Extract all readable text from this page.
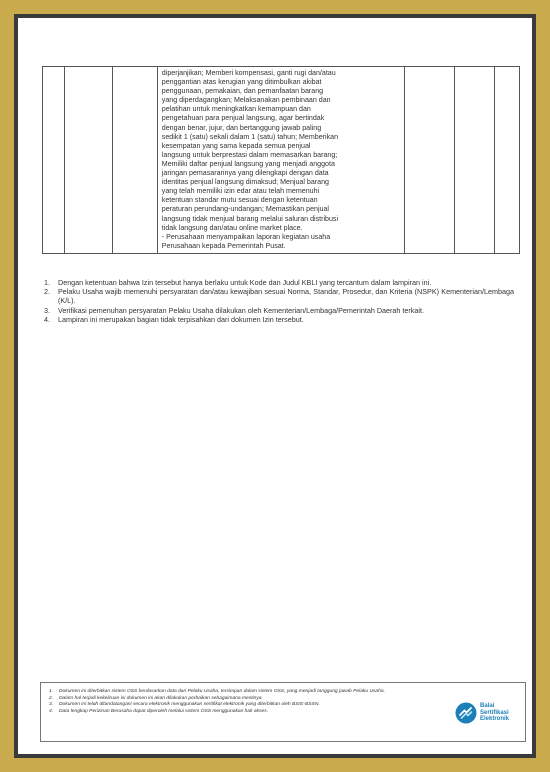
diperjanjikan; Memberi kompensasi, ganti rugi dan/atau

penggantian atas kerugian yang ditimbulkan akibat

penggunaan, pemakaian, dan pemanfaatan barang

yang diperdagangkan; Melaksanakan pembinaan dan

pelatihan untuk meningkatkan kemampuan dan

pengetahuan para penjual langsung, agar bertindak

dengan benar, jujur, dan bertanggung jawab paling

sedikit 1 (satu) sekali dalam 1 (satu) tahun; Memberikan

kesempatan yang sama kepada semua penjual

langsung untuk berprestasi dalam memasarkan barang;

Memiliki daftar penjual langsung yang menjadi anggota

jaringan pemasarannya yang dilengkapi dengan data

identitas penjual langsung dimaksud; Menjual barang

yang telah memiliki izin edar atau telah memenuhi

ketentuan standar mutu sesuai dengan ketentuan

peraturan perundang-undangan; Memastikan penjual

langsung tidak menjual barang melalui saluran distribusi

tidak langsung dan/atau online market place.

- Perusahaan menyampaikan laporan kegiatan usaha

Perusahaan kepada Pemerintah Pusat.

1.	Dengan ketentuan bahwa Izin tersebut hanya berlaku untuk Kode dan Judul KBLI yang tercantum dalam lampiran ini.
2.	Pelaku Usaha wajib memenuhi persyaratan dan/atau kewajiban sesuai Norma, Standar, Prosedur, dan Kriteria (NSPK) Kementerian/Lembaga (K/L).
3.	Verifikasi pemenuhan persyaratan Pelaku Usaha dilakukan oleh Kementerian/Lembaga/Pemerintah Daerah terkait.
4.	Lampiran ini merupakan bagian tidak terpisahkan dari dokumen Izin tersebut.
1.	Dokumen ini diterbitkan sistem OSS berdasarkan data dari Pelaku Usaha, tersimpan dalam sistem OSS, yang menjadi tanggung jawab Pelaku Usaha.
2.	Dalam hal terjadi kekeliruan isi dokumen ini akan dilakukan perbaikan sebagaimana mestinya.
3.	Dokumen ini telah ditandatangani secara elektronik menggunakan sertifikat elektronik yang diterbitkan oleh BSrE-BSSN.
4.	Data lengkap Perizinan Berusaha dapat diperoleh melalui sistem OSS menggunakan hak akses.
Balai
Sertifikasi
Elektronik
